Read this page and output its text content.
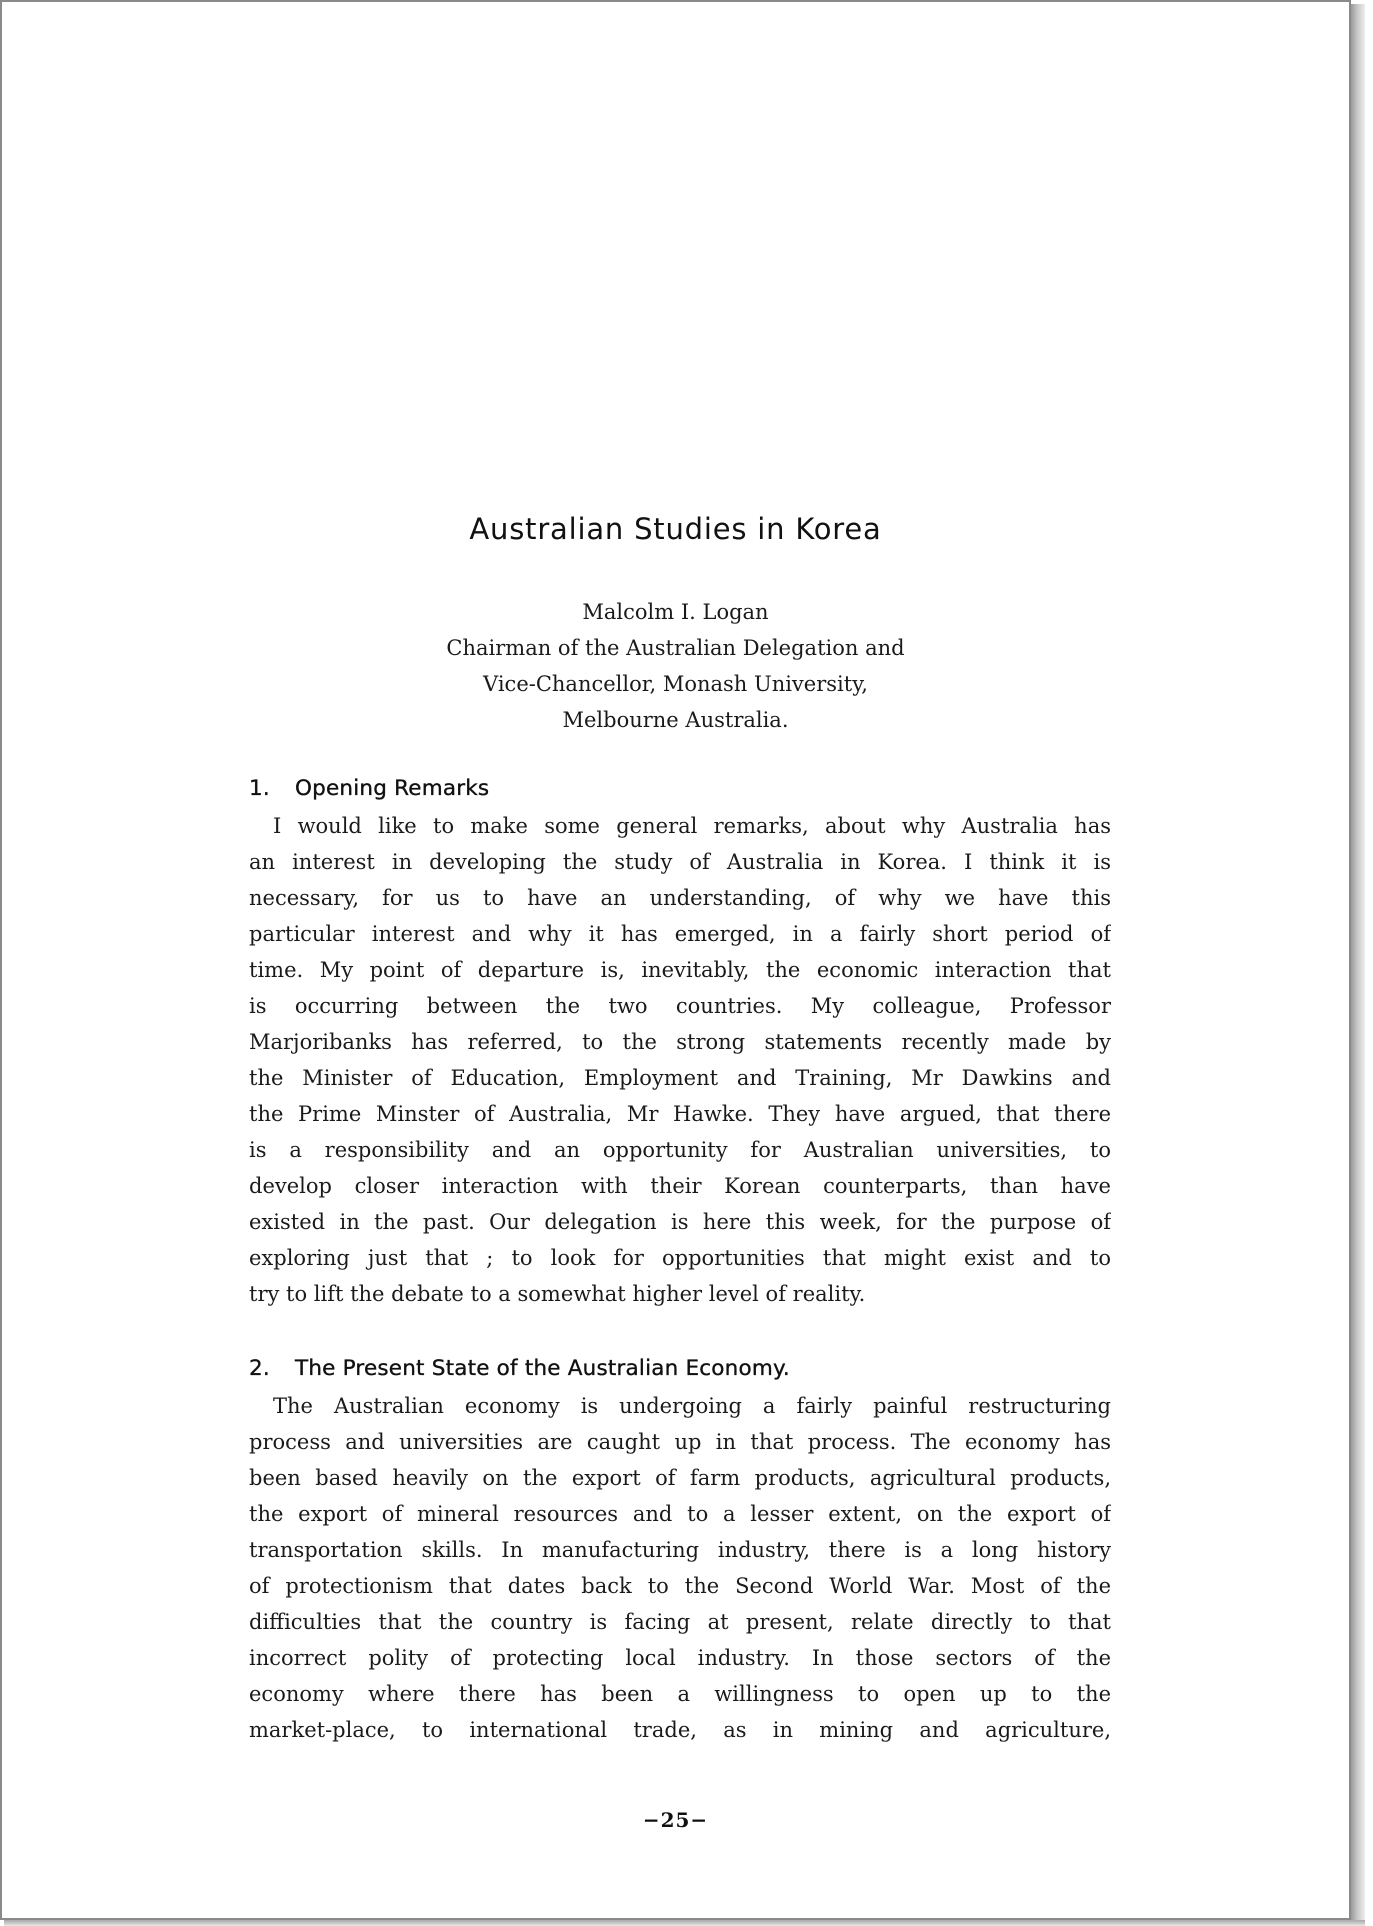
Australian Studies in Korea
Malcolm I. Logan
Chairman of the Australian Delegation and
Vice-Chancellor, Monash University,
Melbourne Australia.
1. Opening Remarks
I would like to make some general remarks, about why Australia has
an interest in developing the study of Australia in Korea. I think it is
necessary, for us to have an understanding, of why we have this
particular interest and why it has emerged, in a fairly short period of
time. My point of departure is, inevitably, the economic interaction that
is occurring between the two countries. My colleague, Professor
Marjoribanks has referred, to the strong statements recently made by
the Minister of Education, Employment and Training, Mr Dawkins and
the Prime Minster of Australia, Mr Hawke. They have argued, that there
is a responsibility and an opportunity for Australian universities, to
develop closer interaction with their Korean counterparts, than have
existed in the past. Our delegation is here this week, for the purpose of
exploring just that ; to look for opportunities that might exist and to
try to lift the debate to a somewhat higher level of reality.
2. The Present State of the Australian Economy.
The Australian economy is undergoing a fairly painful restructuring
process and universities are caught up in that process. The economy has
been based heavily on the export of farm products, agricultural products,
the export of mineral resources and to a lesser extent, on the export of
transportation skills. In manufacturing industry, there is a long history
of protectionism that dates back to the Second World War. Most of the
difficulties that the country is facing at present, relate directly to that
incorrect polity of protecting local industry. In those sectors of the
economy where there has been a willingness to open up to the
market-place, to international trade, as in mining and agriculture,
−25−
